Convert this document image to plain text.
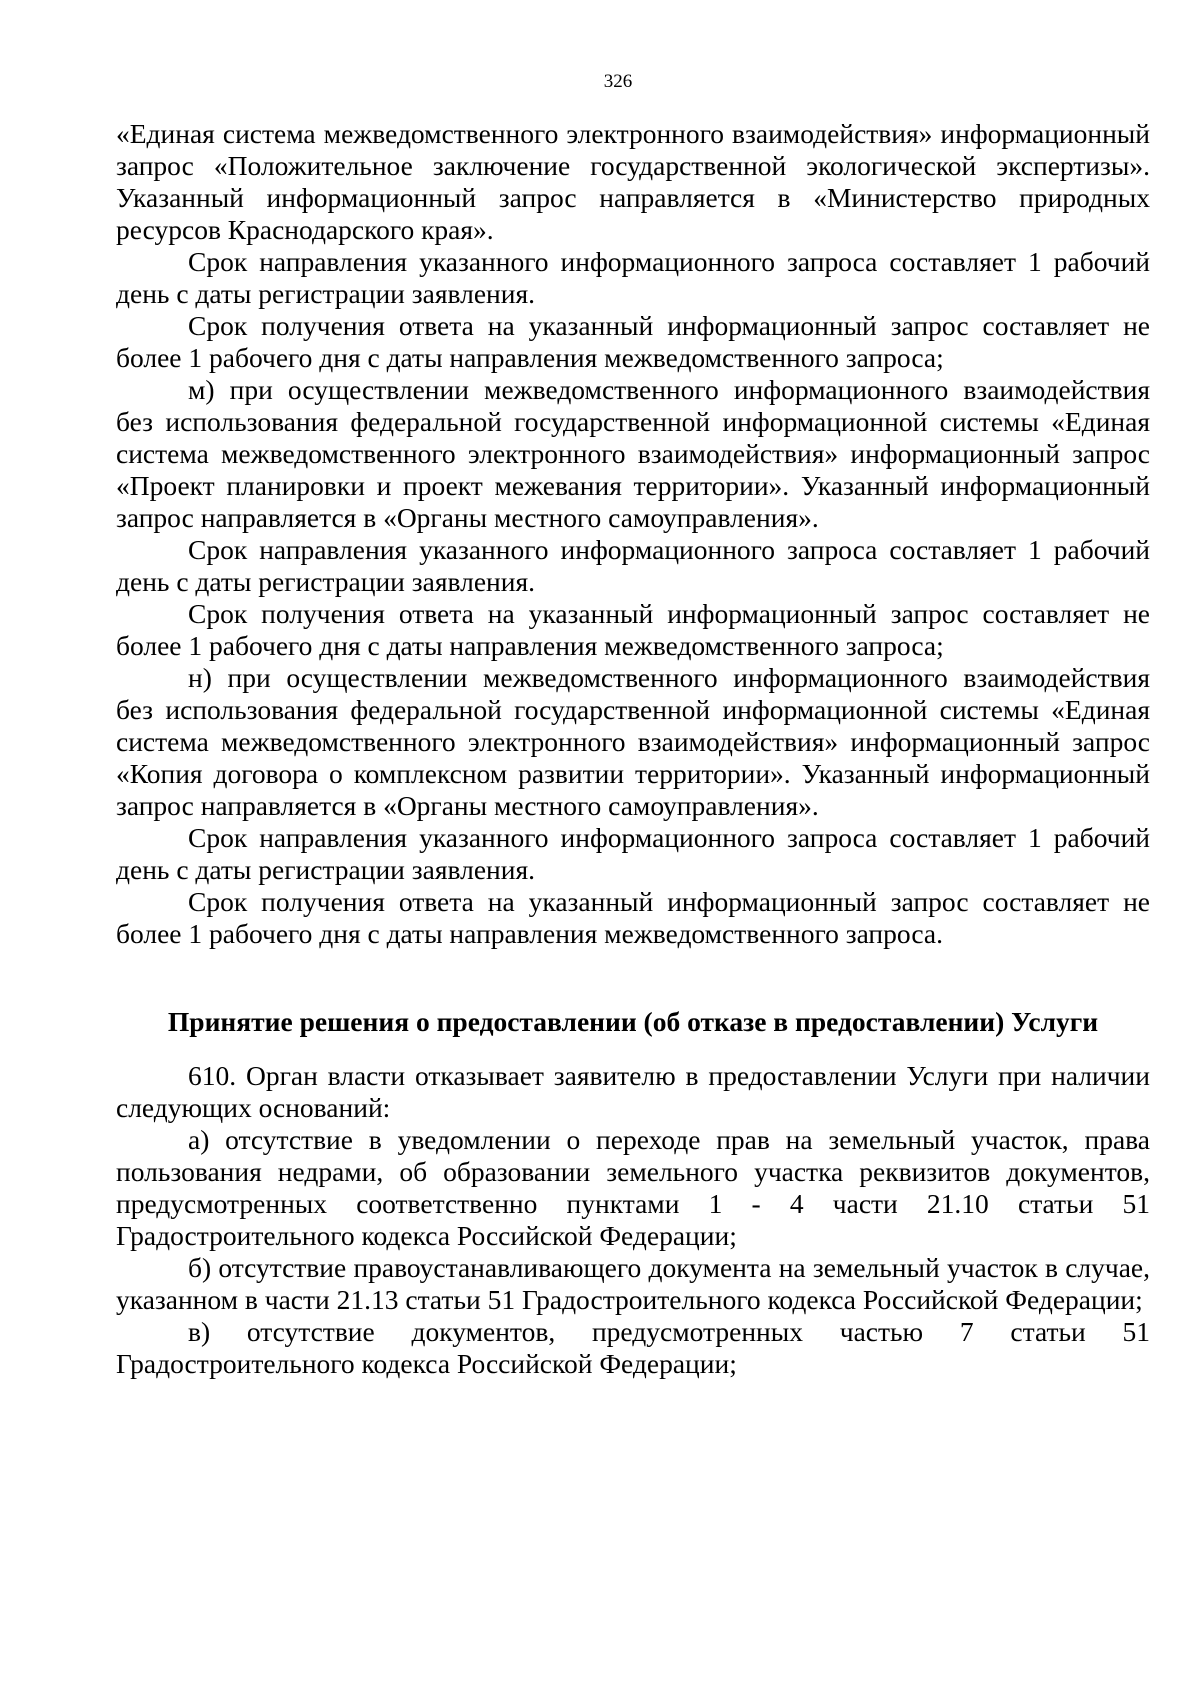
326

«Единая система межведомственного электронного взаимодействия» информационный запрос «Положительное заключение государственной экологической экспертизы». Указанный информационный запрос направляется в «Министерство природных ресурсов Краснодарского края».

Срок направления указанного информационного запроса составляет 1 рабочий день с даты регистрации заявления.

Срок получения ответа на указанный информационный запрос составляет не более 1 рабочего дня с даты направления межведомственного запроса;

м) при осуществлении межведомственного информационного взаимодействия без использования федеральной государственной информационной системы «Единая система межведомственного электронного взаимодействия» информационный запрос «Проект планировки и проект межевания территории». Указанный информационный запрос направляется в «Органы местного самоуправления».

Срок направления указанного информационного запроса составляет 1 рабочий день с даты регистрации заявления.

Срок получения ответа на указанный информационный запрос составляет не более 1 рабочего дня с даты направления межведомственного запроса;

н) при осуществлении межведомственного информационного взаимодействия без использования федеральной государственной информационной системы «Единая система межведомственного электронного взаимодействия» информационный запрос «Копия договора о комплексном развитии территории». Указанный информационный запрос направляется в «Органы местного самоуправления».

Срок направления указанного информационного запроса составляет 1 рабочий день с даты регистрации заявления.

Срок получения ответа на указанный информационный запрос составляет не более 1 рабочего дня с даты направления межведомственного запроса.

Принятие решения о предоставлении (об отказе в предоставлении) Услуги

610. Орган власти отказывает заявителю в предоставлении Услуги при наличии следующих оснований:

а) отсутствие в уведомлении о переходе прав на земельный участок, права пользования недрами, об образовании земельного участка реквизитов документов, предусмотренных соответственно пунктами 1 - 4 части 21.10 статьи 51 Градостроительного кодекса Российской Федерации;

б) отсутствие правоустанавливающего документа на земельный участок в случае, указанном в части 21.13 статьи 51 Градостроительного кодекса Российской Федерации;

в) отсутствие документов, предусмотренных частью 7 статьи 51 Градостроительного кодекса Российской Федерации;
